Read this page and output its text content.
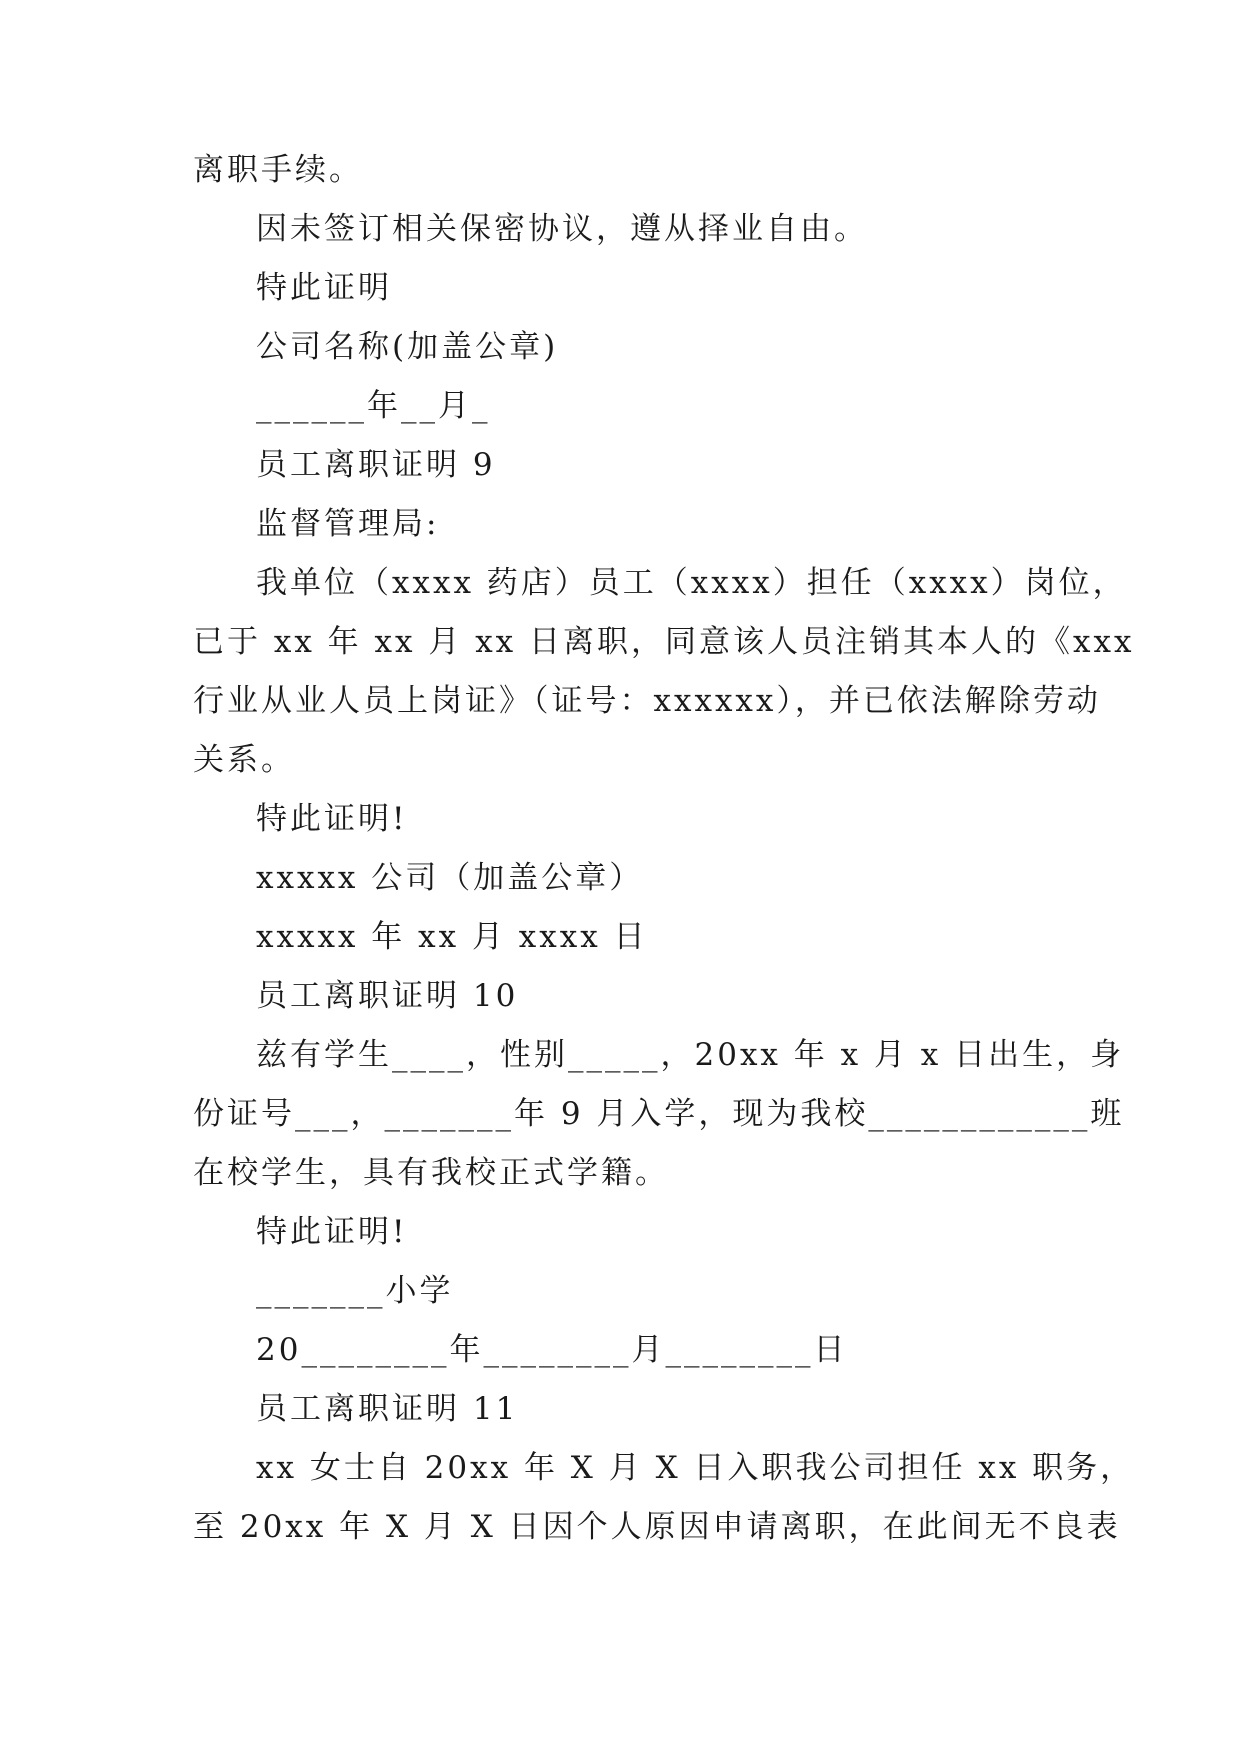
离职手续。

因未签订相关保密协议，遵从择业自由。

特此证明

公司名称(加盖公章)

______年__月_

员工离职证明 9

监督管理局:

我单位（xxxx 药店）员工（xxxx）担任（xxxx）岗位，

已于 xx 年 xx 月 xx 日离职，同意该人员注销其本人的《xxx

行业从业人员上岗证》（证号：xxxxxx），并已依法解除劳动

关系。

特此证明!

xxxxx 公司（加盖公章）

xxxxx 年 xx 月 xxxx 日

员工离职证明 10

兹有学生____，性别_____，20xx 年 x 月 x 日出生，身

份证号___，_______年 9 月入学，现为我校____________班

在校学生，具有我校正式学籍。

特此证明!

_______小学

20________年________月________日

员工离职证明 11

xx 女士自 20xx 年 X 月 X 日入职我公司担任 xx 职务，

至 20xx 年 X 月 X 日因个人原因申请离职，在此间无不良表
